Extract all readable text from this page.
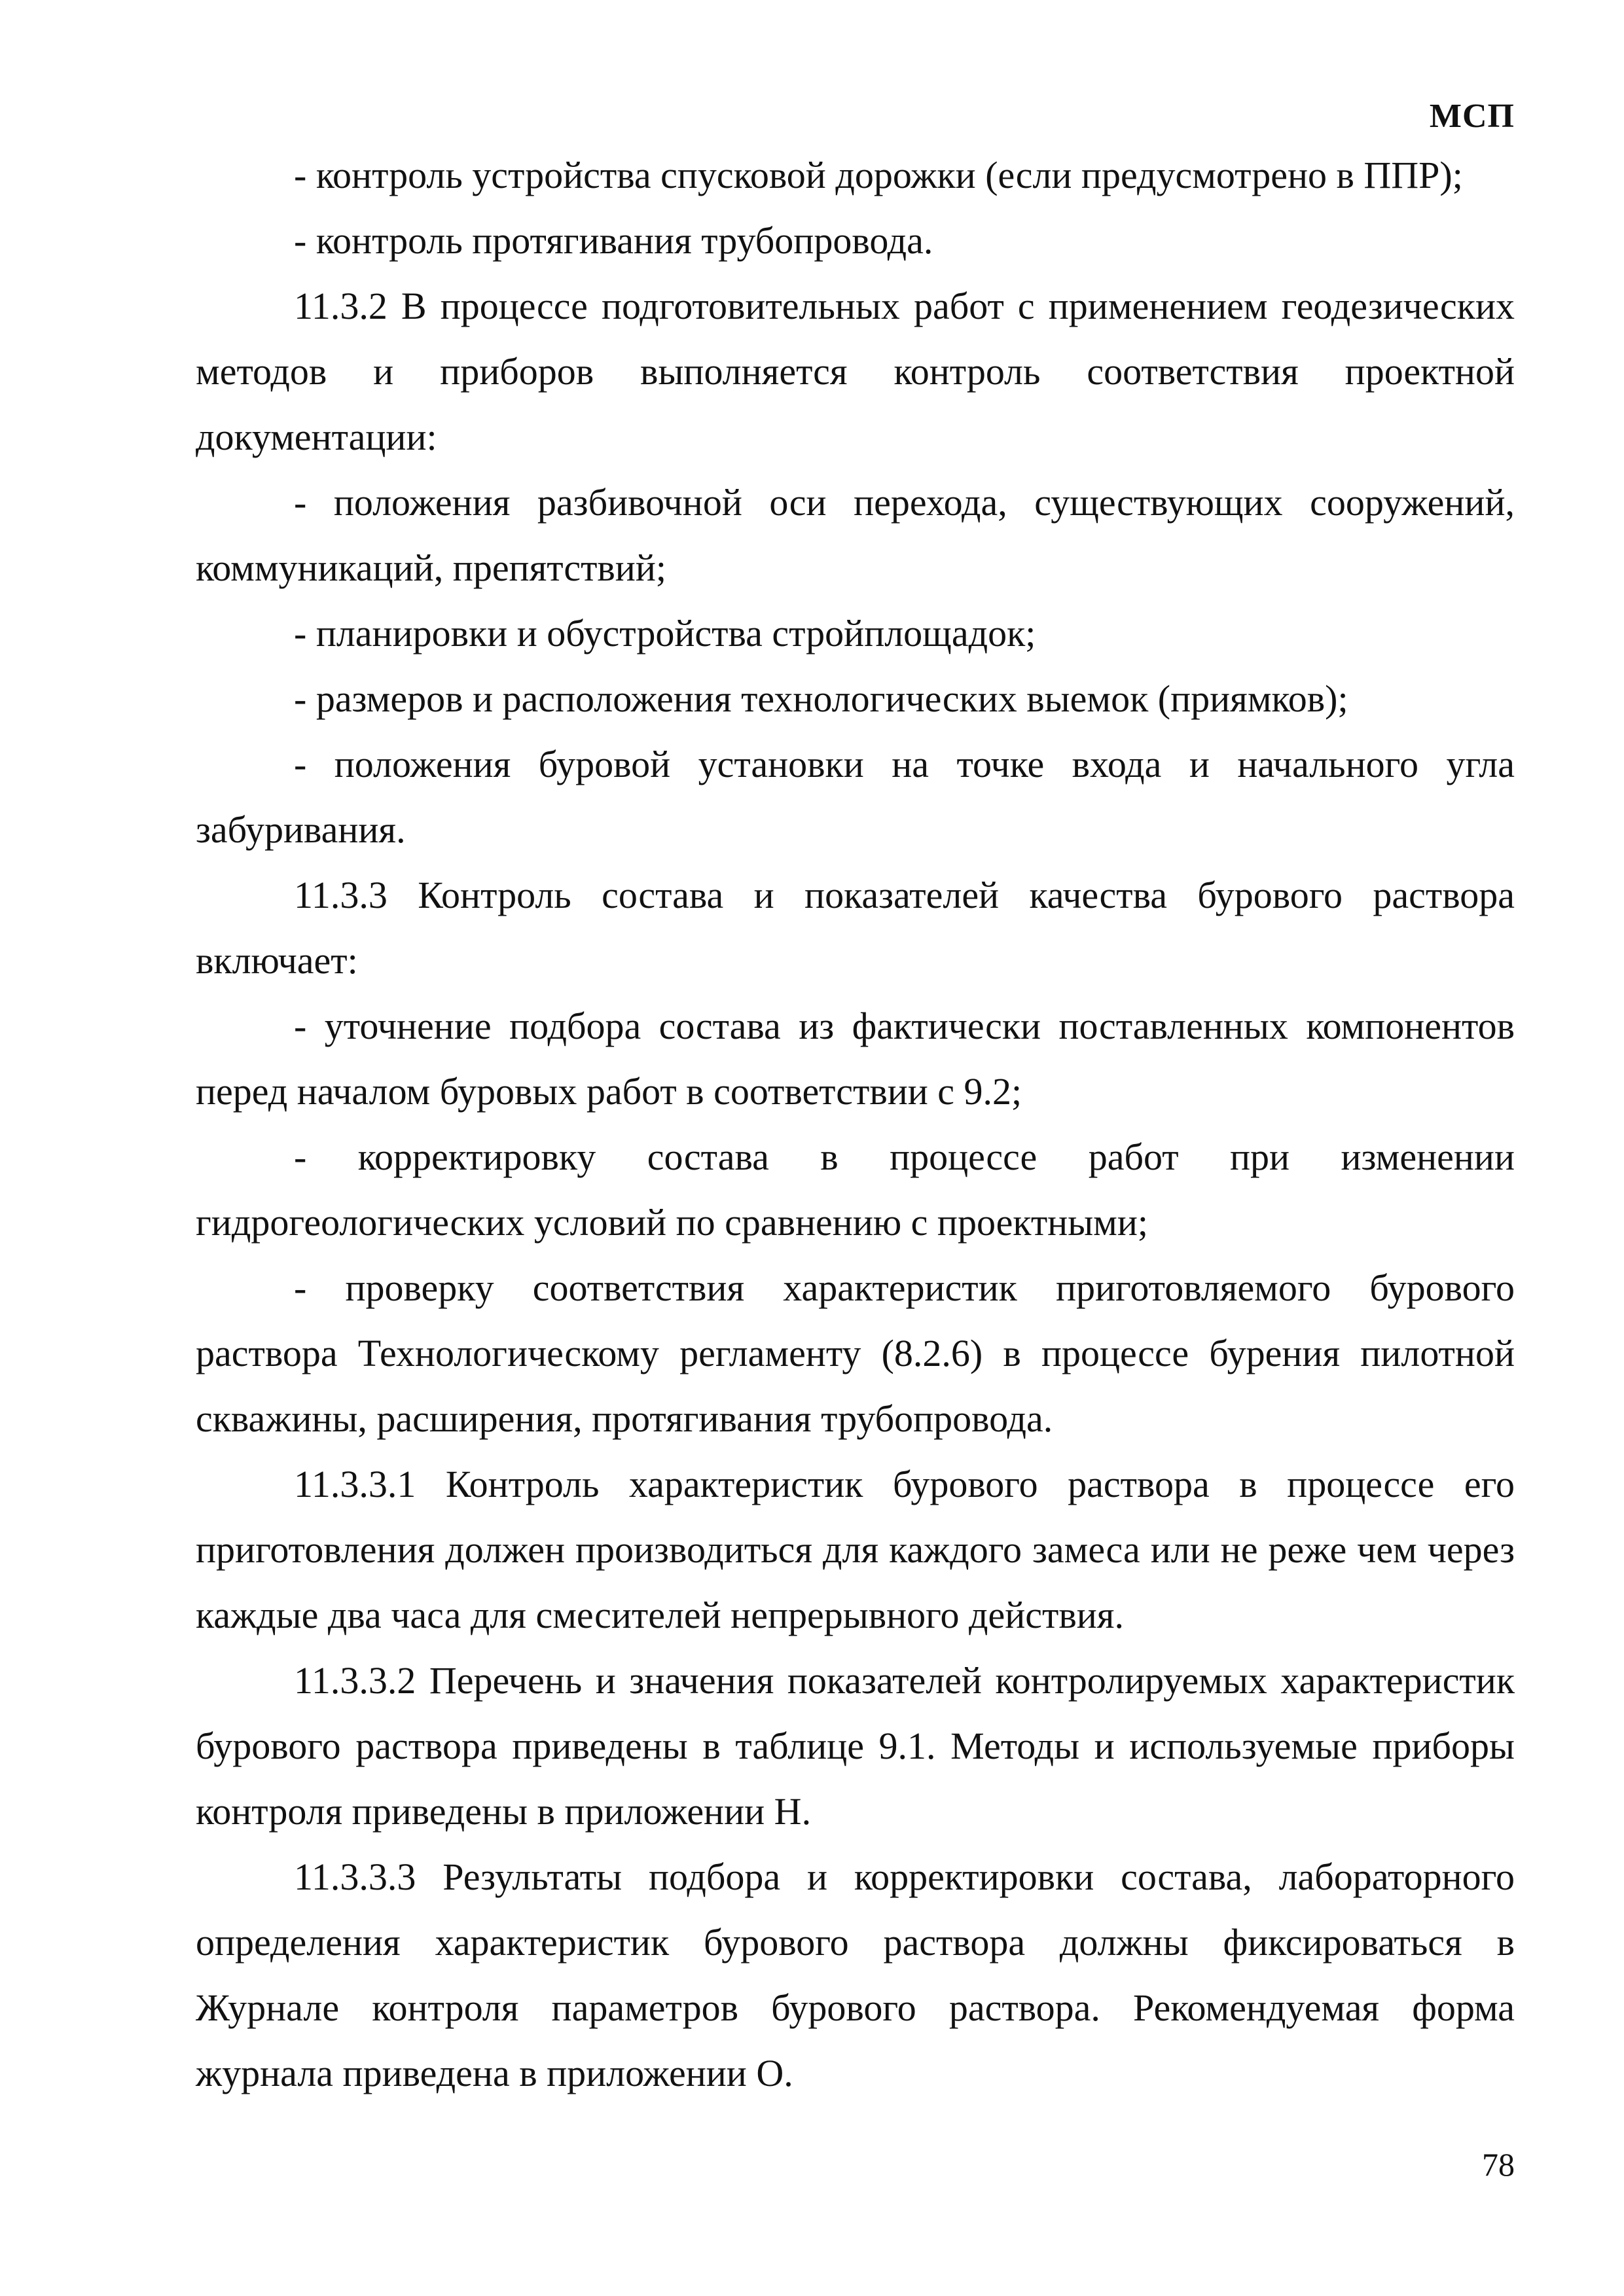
МСП

- контроль устройства спусковой дорожки (если предусмотрено в ППР);

- контроль протягивания трубопровода.

11.3.2 В процессе подготовительных работ с применением геодезических методов и приборов выполняется контроль соответствия проектной документации:

- положения разбивочной оси перехода, существующих сооружений, коммуникаций, препятствий;

- планировки и обустройства стройплощадок;

- размеров и расположения технологических выемок (приямков);

- положения буровой установки на точке входа и начального угла забуривания.

11.3.3 Контроль состава и показателей качества бурового раствора включает:

- уточнение подбора состава из фактически поставленных компонентов перед началом буровых работ в соответствии с 9.2;

- корректировку состава в процессе работ при изменении гидрогеологических условий по сравнению с проектными;

- проверку соответствия характеристик приготовляемого бурового раствора Технологическому регламенту (8.2.6) в процессе бурения пилотной скважины, расширения, протягивания трубопровода.

11.3.3.1 Контроль характеристик бурового раствора в процессе его приготовления должен производиться для каждого замеса или не реже чем через каждые два часа для смесителей непрерывного действия.

11.3.3.2 Перечень и значения показателей контролируемых характеристик бурового раствора приведены в таблице 9.1. Методы и используемые приборы контроля приведены в приложении Н.

11.3.3.3 Результаты подбора и корректировки состава, лабораторного определения характеристик бурового раствора должны фиксироваться в Журнале контроля параметров бурового раствора. Рекомендуемая форма журнала приведена в приложении О.

78
